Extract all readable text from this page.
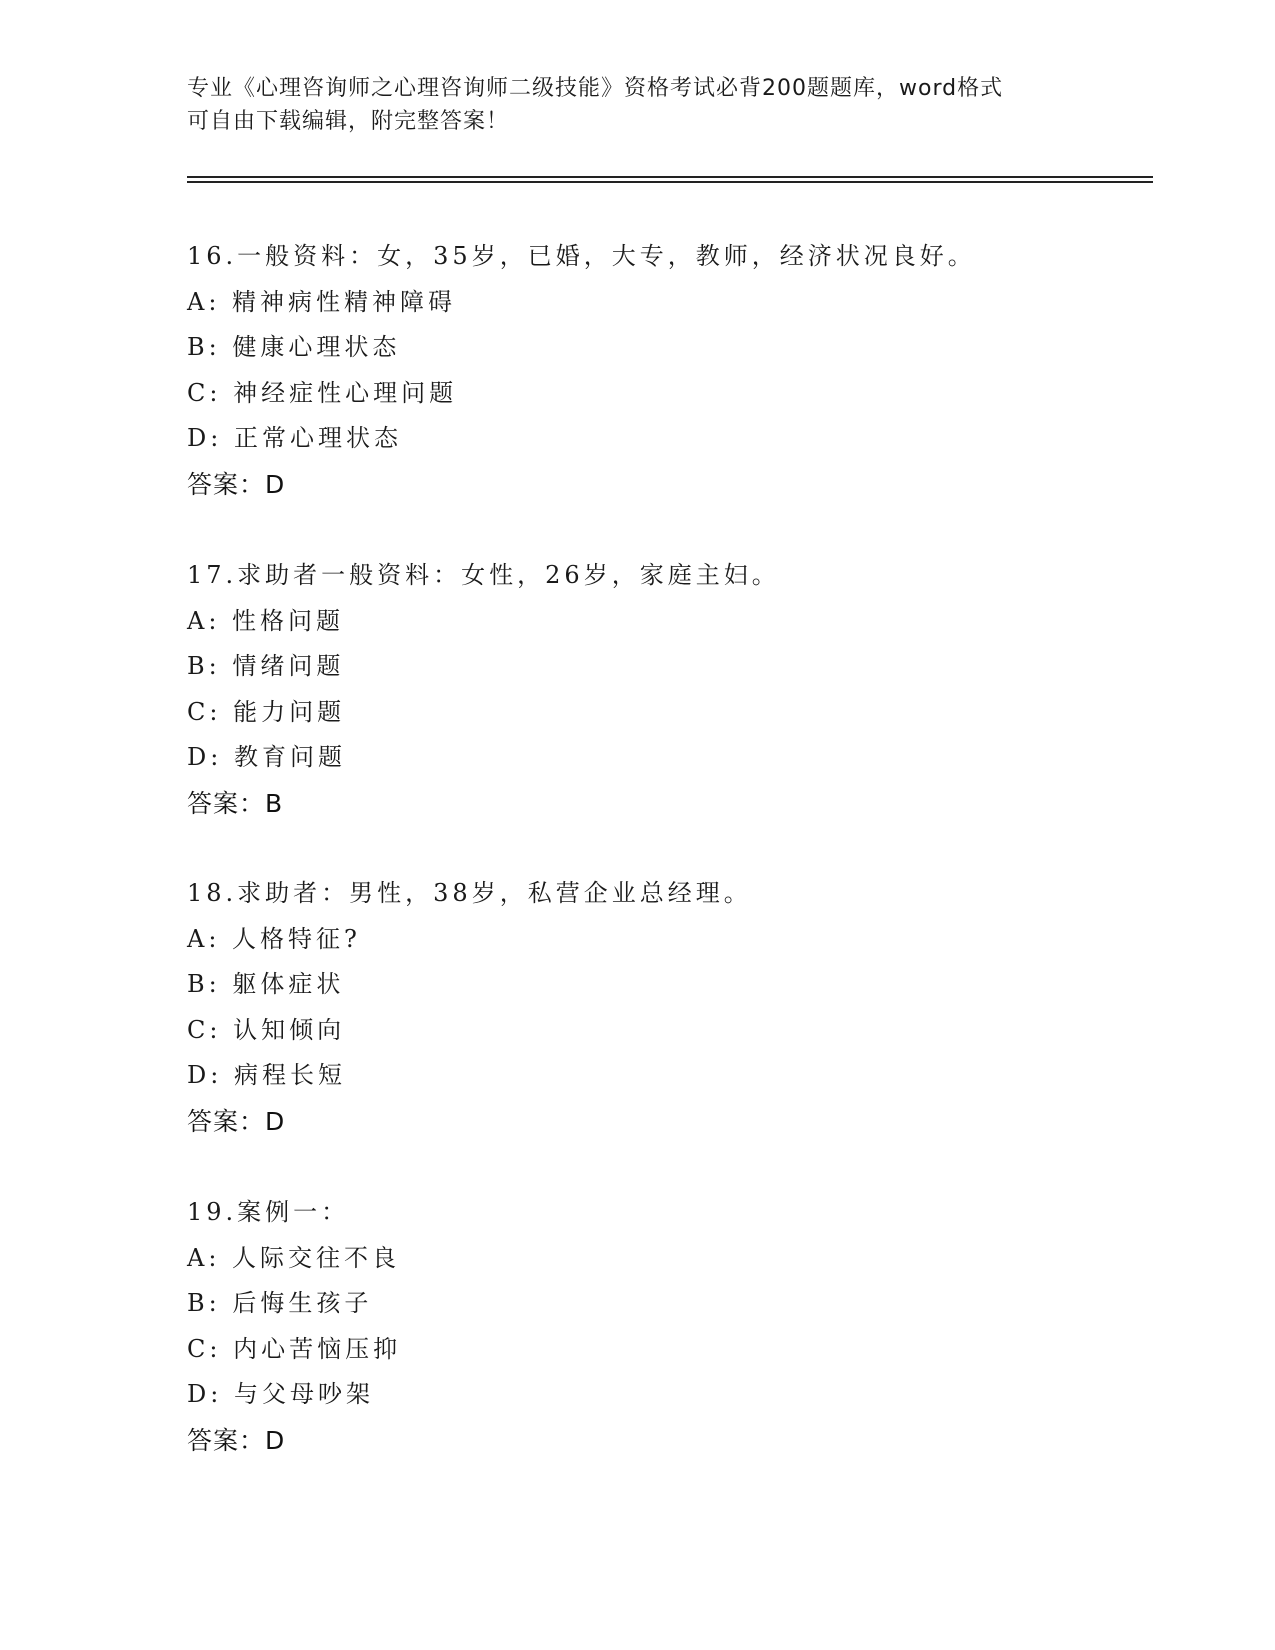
专业《心理咨询师之心理咨询师二级技能》资格考试必背200题题库，word格式
可自由下载编辑，附完整答案！
16.一般资料：女，35岁，已婚，大专，教师，经济状况良好。
A: 精神病性精神障碍
B: 健康心理状态
C: 神经症性心理问题
D: 正常心理状态
答案：D
17.求助者一般资料：女性，26岁，家庭主妇。
A: 性格问题
B: 情绪问题
C: 能力问题
D: 教育问题
答案：B
18.求助者：男性，38岁，私营企业总经理。
A: 人格特征?
B: 躯体症状
C: 认知倾向
D: 病程长短
答案：D
19.案例一：
A: 人际交往不良
B: 后悔生孩子
C: 内心苦恼压抑
D: 与父母吵架
答案：D
